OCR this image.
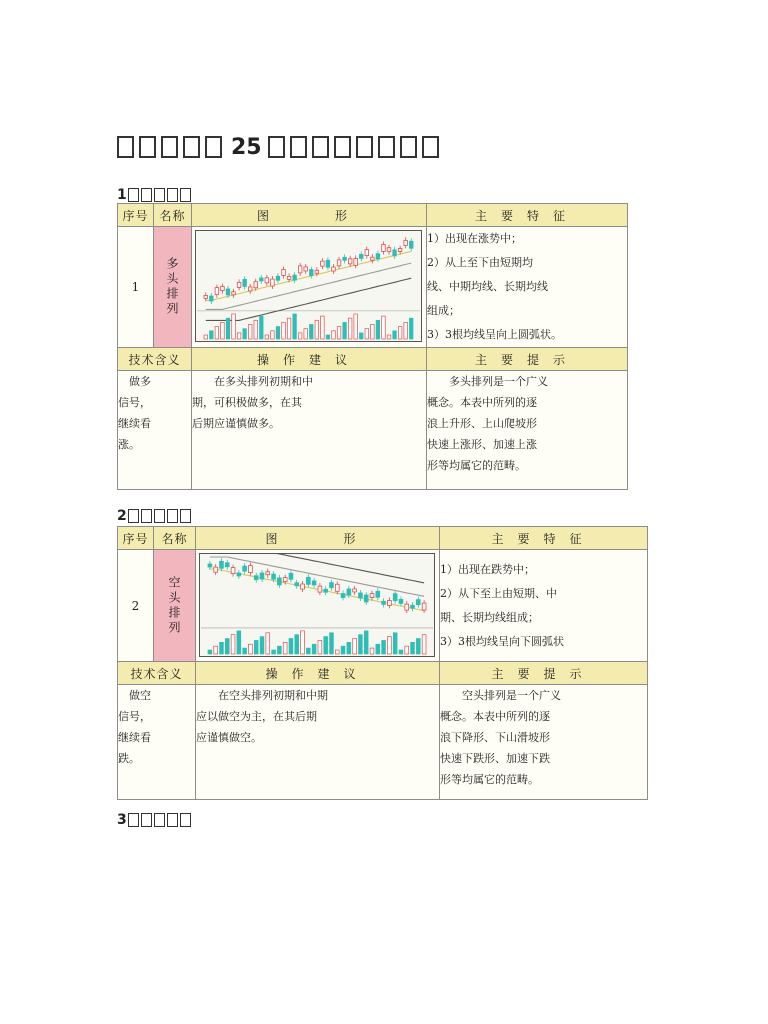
25
1
序号	名称	图　　形	主要特征
1	多头排列		1）出现在涨势中；
2）从上至下由短期均
线、中期均线、长期均线
组成；
3）3根均线呈向上圆弧状。

技术含义		操作建议	主要提示
　做多
信号，
继续看
涨。		　　在多头排列初期和中
期，可积极做多，在其
后期应谨慎做多。	　　多头排列是一个广义
概念。本表中所列的逐
浪上升形、上山爬坡形
快速上涨形、加速上涨
形等均属它的范畴。
2
序号	名称	图　　形	主要特征
2	空头排列		1）出现在跌势中；
2）从下至上由短期、中
期、长期均线组成；
3）3根均线呈向下圆弧状

技术含义		操作建议	主要提示
　做空
信号，
继续看
跌。		　　在空头排列初期和中期
应以做空为主，在其后期
应谨慎做空。	　　空头排列是一个广义
概念。本表中所列的逐
浪下降形、下山滑坡形
快速下跌形、加速下跌
形等均属它的范畴。
3
